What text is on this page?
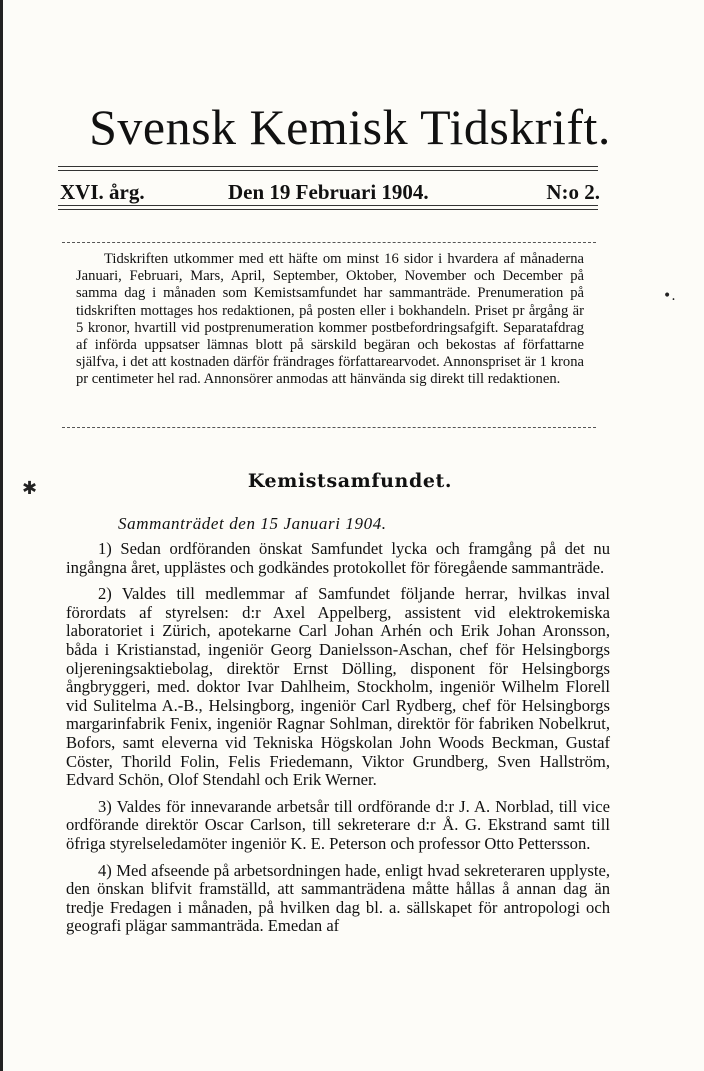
Svensk Kemisk Tidskrift.
XVI. årg.	Den 19 Februari 1904.	N:o 2.

Tidskriften utkommer med ett häfte om minst 16 sidor i hvardera af månaderna Januari, Februari, Mars, April, September, Oktober, November och December på samma dag i månaden som Kemistsamfundet har sammanträde. Prenumeration på tidskriften mottages hos redaktionen, på posten eller i bokhandeln. Priset pr årgång är 5 kronor, hvartill vid postprenumeration kommer postbefordringsafgift. Separatafdrag af införda uppsatser lämnas blott på särskild begäran och bekostas af författarne själfva, i det att kostnaden därför frändrages författarearvodet. Annonspriset är 1 krona pr centimeter hel rad. Annonsörer anmodas att hänvända sig direkt till redaktionen.

•.
✱	Kemistsamfundet.
Sammanträdet den 15 Januari 1904.

1) Sedan ordföranden önskat Samfundet lycka och framgång på det nu ingångna året, upplästes och godkändes protokollet för föregående sammanträde.

2) Valdes till medlemmar af Samfundet följande herrar, hvilkas inval förordats af styrelsen: d:r Axel Appelberg, assistent vid elektrokemiska laboratoriet i Zürich, apotekarne Carl Johan Arhén och Erik Johan Aronsson, båda i Kristianstad, ingeniör Georg Danielsson-Aschan, chef för Helsingborgs oljereningsaktiebolag, direktör Ernst Dölling, disponent för Helsingborgs ångbryggeri, med. doktor Ivar Dahlheim, Stockholm, ingeniör Wilhelm Florell vid Sulitelma A.-B., Helsingborg, ingeniör Carl Rydberg, chef för Helsingborgs margarinfabrik Fenix, ingeniör Ragnar Sohlman, direktör för fabriken Nobelkrut, Bofors, samt eleverna vid Tekniska Högskolan John Woods Beckman, Gustaf Cöster, Thorild Folin, Felis Friedemann, Viktor Grundberg, Sven Hallström, Edvard Schön, Olof Stendahl och Erik Werner.

3) Valdes för innevarande arbetsår till ordförande d:r J. A. Norblad, till vice ordförande direktör Oscar Carlson, till sekreterare d:r Å. G. Ekstrand samt till öfriga styrelseledamöter ingeniör K. E. Peterson och professor Otto Pettersson.

4) Med afseende på arbetsordningen hade, enligt hvad sekreteraren upplyste, den önskan blifvit framställd, att sammanträdena måtte hållas å annan dag än tredje Fredagen i månaden, på hvilken dag bl. a. sällskapet för antropologi och geografi plägar sammanträda. Emedan af
